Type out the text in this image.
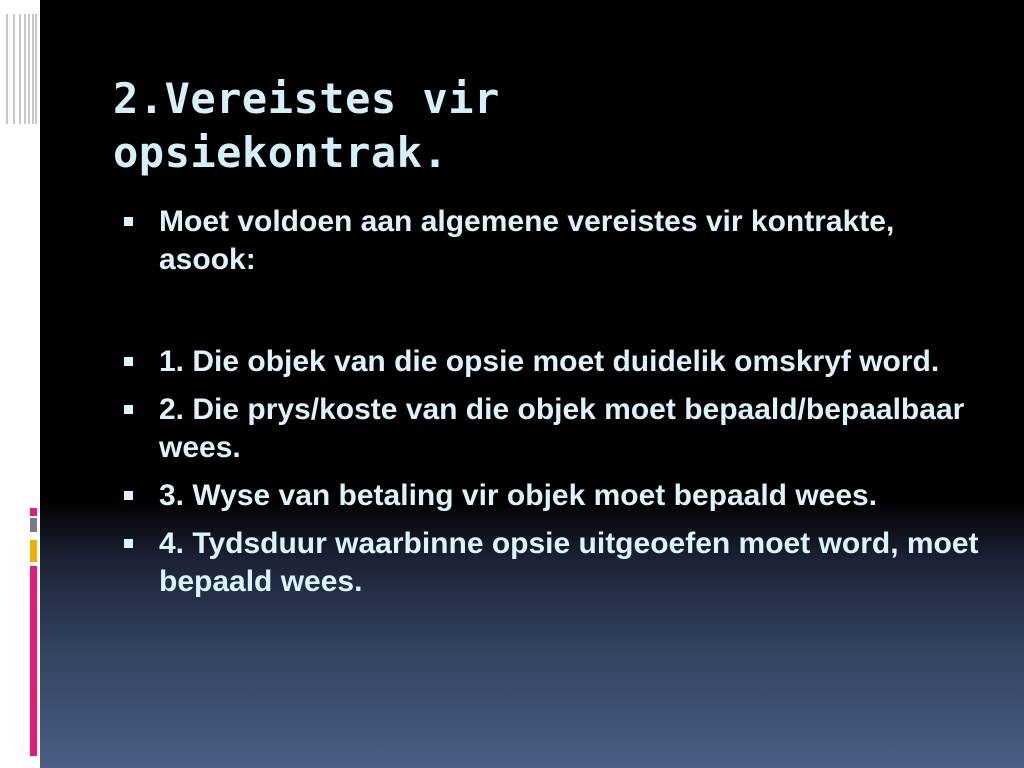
2.Vereistes vir
opsiekontrak.
Moet voldoen aan algemene vereistes vir kontrakte, asook:
1. Die objek van die opsie moet duidelik omskryf word.
2. Die prys/koste van die objek moet bepaald/bepaalbaar wees.
3. Wyse van betaling vir objek moet bepaald wees.
4. Tydsduur waarbinne opsie uitgeoefen moet word, moet bepaald wees.
